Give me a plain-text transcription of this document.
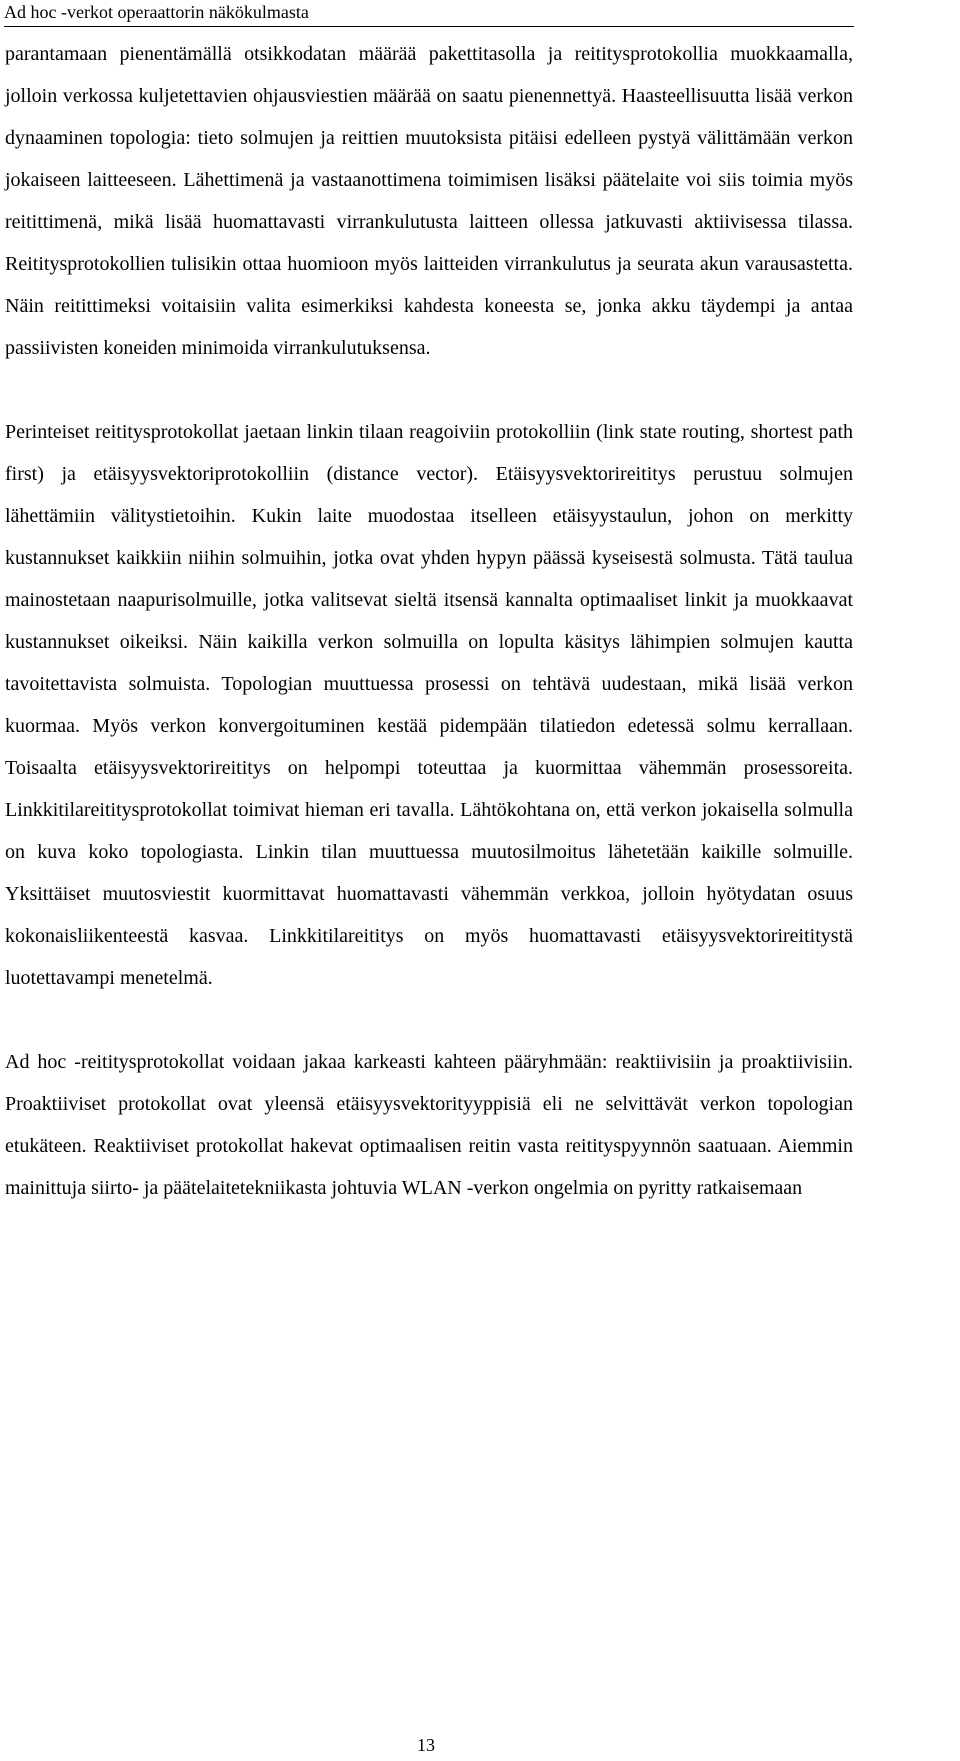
Ad hoc -verkot operaattorin näkökulmasta

parantamaan pienentämällä otsikkodatan määrää pakettitasolla ja reititysprotokollia muokkaamalla, jolloin verkossa kuljetettavien ohjausviestien määrää on saatu pienennettyä. Haasteellisuutta lisää verkon dynaaminen topologia: tieto solmujen ja reittien muutoksista pitäisi edelleen pystyä välittämään verkon jokaiseen laitteeseen. Lähettimenä ja vastaanottimena toimimisen lisäksi päätelaite voi siis toimia myös reitittimenä, mikä lisää huomattavasti virrankulutusta laitteen ollessa jatkuvasti aktiivisessa tilassa. Reititysprotokollien tulisikin ottaa huomioon myös laitteiden virrankulutus ja seurata akun varausastetta. Näin reitittimeksi voitaisiin valita esimerkiksi kahdesta koneesta se, jonka akku täydempi ja antaa passiivisten koneiden minimoida virrankulutuksensa.

Perinteiset reititysprotokollat jaetaan linkin tilaan reagoiviin protokolliin (link state routing, shortest path first) ja etäisyysvektoriprotokolliin (distance vector). Etäisyysvektorireititys perustuu solmujen lähettämiin välitystietoihin. Kukin laite muodostaa itselleen etäisyystaulun, johon on merkitty kustannukset kaikkiin niihin solmuihin, jotka ovat yhden hypyn päässä kyseisestä solmusta. Tätä taulua mainostetaan naapurisolmuille, jotka valitsevat sieltä itsensä kannalta optimaaliset linkit ja muokkaavat kustannukset oikeiksi. Näin kaikilla verkon solmuilla on lopulta käsitys lähimpien solmujen kautta tavoitettavista solmuista. Topologian muuttuessa prosessi on tehtävä uudestaan, mikä lisää verkon kuormaa. Myös verkon konvergoituminen kestää pidempään tilatiedon edetessä solmu kerrallaan. Toisaalta etäisyysvektorireititys on helpompi toteuttaa ja kuormittaa vähemmän prosessoreita. Linkkitilareititysprotokollat toimivat hieman eri tavalla. Lähtökohtana on, että verkon jokaisella solmulla on kuva koko topologiasta. Linkin tilan muuttuessa muutosilmoitus lähetetään kaikille solmuille. Yksittäiset muutosviestit kuormittavat huomattavasti vähemmän verkkoa, jolloin hyötydatan osuus kokonaisliikenteestä kasvaa. Linkkitilareititys on myös huomattavasti etäisyysvektorireititystä luotettavampi menetelmä.

Ad hoc -reititysprotokollat voidaan jakaa karkeasti kahteen pääryhmään: reaktiivisiin ja proaktiivisiin. Proaktiiviset protokollat ovat yleensä etäisyysvektorityyppisiä eli ne selvittävät verkon topologian etukäteen. Reaktiiviset protokollat hakevat optimaalisen reitin vasta reitityspyynnön saatuaan. Aiemmin mainittuja siirto- ja päätelaitetekniikasta johtuvia WLAN -verkon ongelmia on pyritty ratkaisemaan

13
